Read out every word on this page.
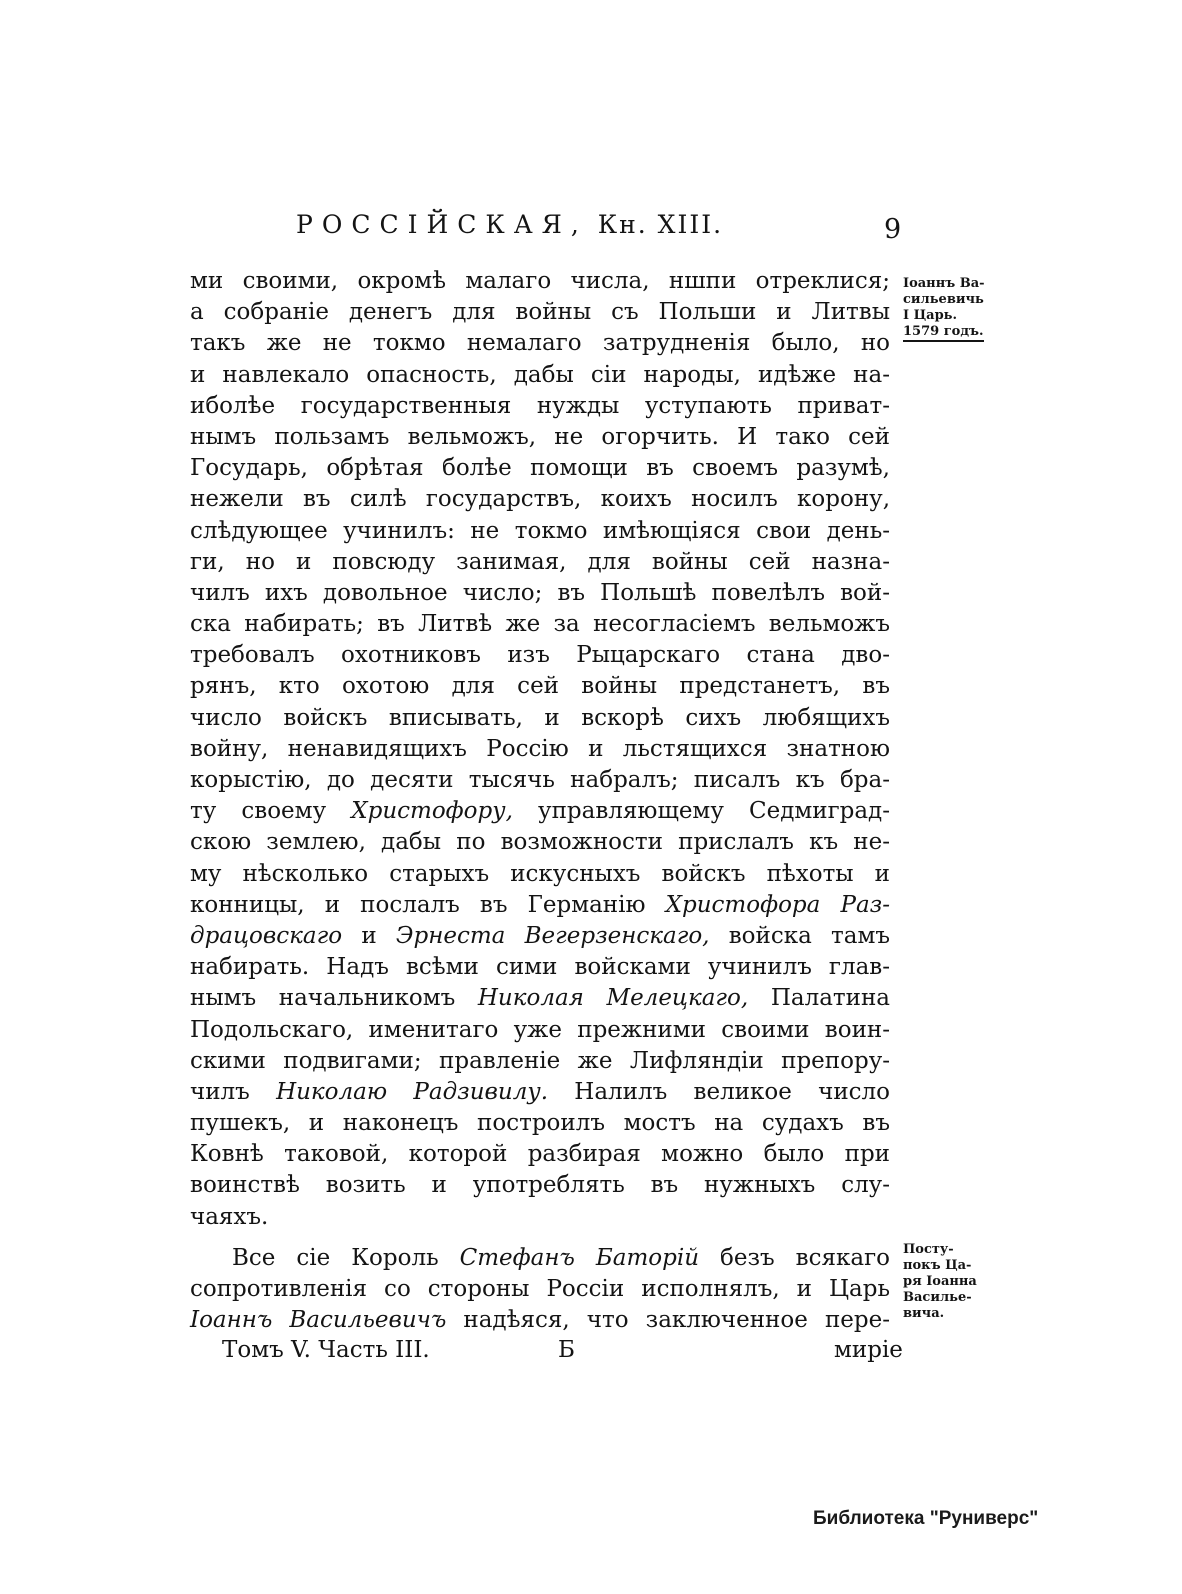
РОССІЙСКАЯ, Кн. XIII.	9
ми своими, окромѣ малаго числа, ншпи отреклися;
а собранiе денегъ для войны съ Польши и Литвы
такъ же не токмо немалаго затрудненiя было, но
и навлекало опасность, дабы сiи народы, идѣже на-
иболѣе государственныя нужды уступають приват-
нымъ пользамъ вельможъ, не огорчить. И тако сей
Государь, обрѣтая болѣе помощи въ своемъ разумѣ,
нежели въ силѣ государствъ, коихъ носилъ корону,
слѣдующее учинилъ: не токмо имѣющiяся свои день-
ги, но и повсюду занимая, для войны сей назна-
чилъ ихъ довольное число; въ Польшѣ повелѣлъ вой-
ска набирать; въ Литвѣ же за несогласiемъ вельможъ
требовалъ охотниковъ изъ Рыцарскаго стана дво-
рянъ, кто охотою для сей войны предстанетъ, въ
число войскъ вписывать, и вскорѣ сихъ любящихъ
войну, ненавидящихъ Россiю и льстящихся знатною
корыстiю, до десяти тысячь набралъ; писалъ къ бра-
ту своему Христофору, управляющему Седмиград-
скою землею, дабы по возможности прислалъ къ не-
му нѣсколько старыхъ искусныхъ войскъ пѣхоты и
конницы, и послалъ въ Германiю Христофора Раз-
драцовскаго и Эрнеста Вегерзенскаго, войска тамъ
набирать. Надъ всѣми сими войсками учинилъ глав-
нымъ начальникомъ Николая Мелецкаго, Палатина
Подольскаго, именитаго уже прежними своими воин-
скими подвигами; правленiе же Лифляндiи препору-
чилъ Николаю Радзивилу. Налилъ великое число
пушекъ, и наконецъ построилъ мостъ на судахъ въ
Ковнѣ таковой, которой разбирая можно было при
воинствѣ возить и употреблять въ нужныхъ слу-
чаяхъ.
Все сiе Король Стефанъ Баторiй безъ всякаго
сопротивленiя со стороны Россiи исполнялъ, и Царь
Iоаннъ Васильевичъ надѣяся, что заключенное пере-
Томъ V. Часть III.	Б	мирiе
Iоаннъ Ва-
сильевичь
I Царь.
1579 годъ.
Посту-
покъ Ца-
ря Iоанна
Василье-
вича.
Библиотека "Руниверс"
